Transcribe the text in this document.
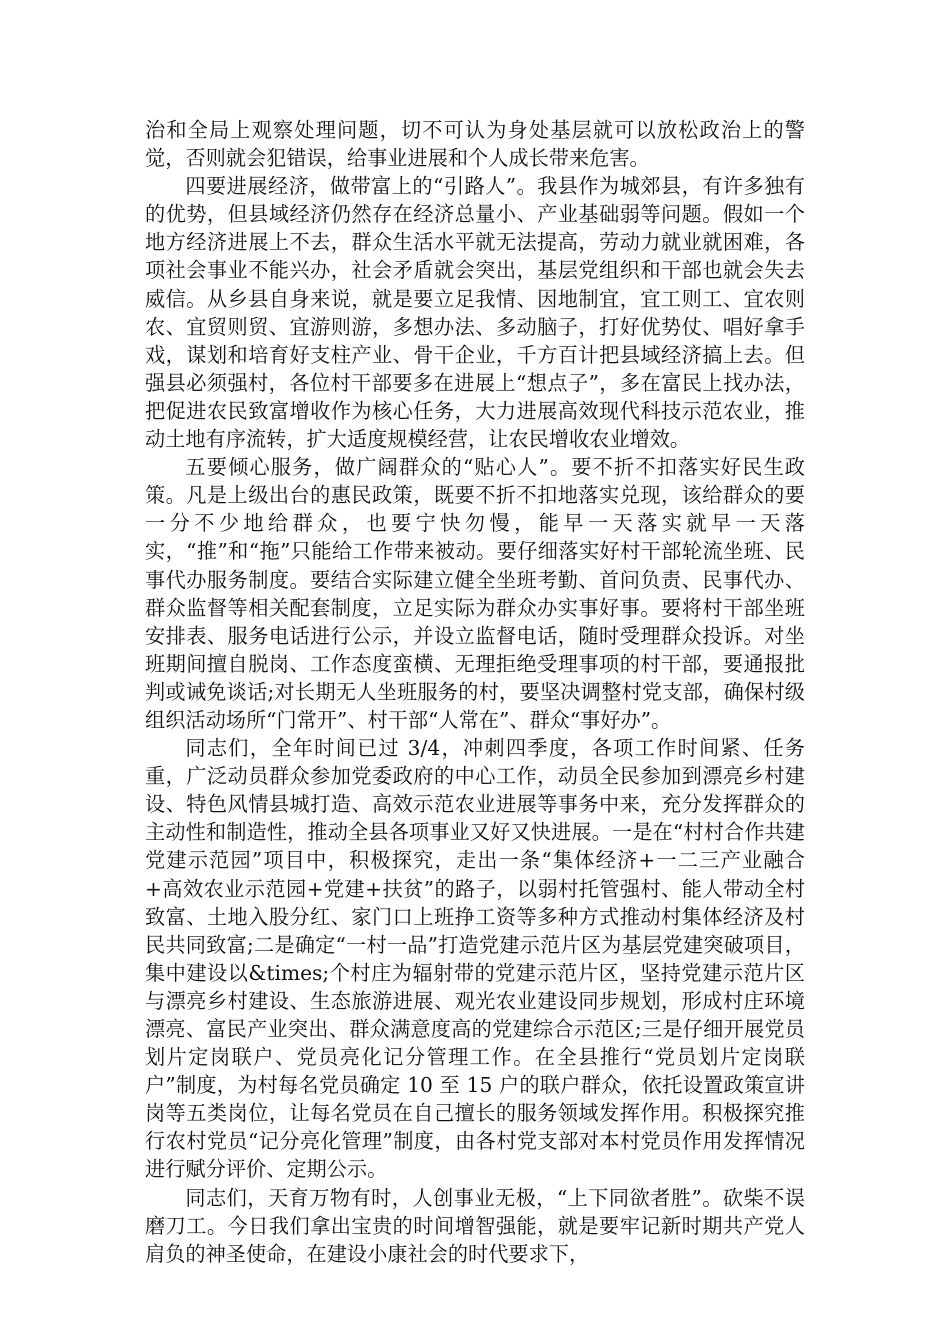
治和全局上观察处理问题，切不可认为身处基层就可以放松政治上的警觉，否则就会犯错误，给事业进展和个人成长带来危害。

四要进展经济，做带富上的“引路人”。我县作为城郊县，有许多独有的优势，但县域经济仍然存在经济总量小、产业基础弱等问题。假如一个地方经济进展上不去，群众生活水平就无法提高，劳动力就业就困难，各项社会事业不能兴办，社会矛盾就会突出，基层党组织和干部也就会失去威信。从乡县自身来说，就是要立足我情、因地制宜，宜工则工、宜农则农、宜贸则贸、宜游则游，多想办法、多动脑子，打好优势仗、唱好拿手戏，谋划和培育好支柱产业、骨干企业，千方百计把县域经济搞上去。但强县必须强村，各位村干部要多在进展上“想点子”，多在富民上找办法，把促进农民致富增收作为核心任务，大力进展高效现代科技示范农业，推动土地有序流转，扩大适度规模经营，让农民增收农业增效。

五要倾心服务，做广阔群众的“贴心人”。要不折不扣落实好民生政策。凡是上级出台的惠民政策，既要不折不扣地落实兑现，该给群众的要一分不少地给群众，也要宁快勿慢，能早一天落实就早一天落实，“推”和“拖”只能给工作带来被动。要仔细落实好村干部轮流坐班、民事代办服务制度。要结合实际建立健全坐班考勤、首问负责、民事代办、群众监督等相关配套制度，立足实际为群众办实事好事。要将村干部坐班安排表、服务电话进行公示，并设立监督电话，随时受理群众投诉。对坐班期间擅自脱岗、工作态度蛮横、无理拒绝受理事项的村干部，要通报批判或诫免谈话;对长期无人坐班服务的村，要坚决调整村党支部，确保村级组织活动场所“门常开”、村干部“人常在”、群众“事好办”。

同志们，全年时间已过 3/4，冲刺四季度，各项工作时间紧、任务重，广泛动员群众参加党委政府的中心工作，动员全民参加到漂亮乡村建设、特色风情县城打造、高效示范农业进展等事务中来，充分发挥群众的主动性和制造性，推动全县各项事业又好又快进展。一是在“村村合作共建党建示范园”项目中，积极探究，走出一条“集体经济+一二三产业融合+高效农业示范园+党建+扶贫”的路子，以弱村托管强村、能人带动全村致富、土地入股分红、家门口上班挣工资等多种方式推动村集体经济及村民共同致富;二是确定“一村一品”打造党建示范片区为基层党建突破项目，集中建设以&times;个村庄为辐射带的党建示范片区，坚持党建示范片区与漂亮乡村建设、生态旅游进展、观光农业建设同步规划，形成村庄环境漂亮、富民产业突出、群众满意度高的党建综合示范区;三是仔细开展党员划片定岗联户、党员亮化记分管理工作。在全县推行“党员划片定岗联户”制度，为村每名党员确定 10 至 15 户的联户群众，依托设置政策宣讲岗等五类岗位，让每名党员在自己擅长的服务领域发挥作用。积极探究推行农村党员“记分亮化管理”制度，由各村党支部对本村党员作用发挥情况进行赋分评价、定期公示。

同志们，天育万物有时，人创事业无极，“上下同欲者胜”。砍柴不误磨刀工。今日我们拿出宝贵的时间增智强能，就是要牢记新时期共产党人肩负的神圣使命，在建设小康社会的时代要求下，
